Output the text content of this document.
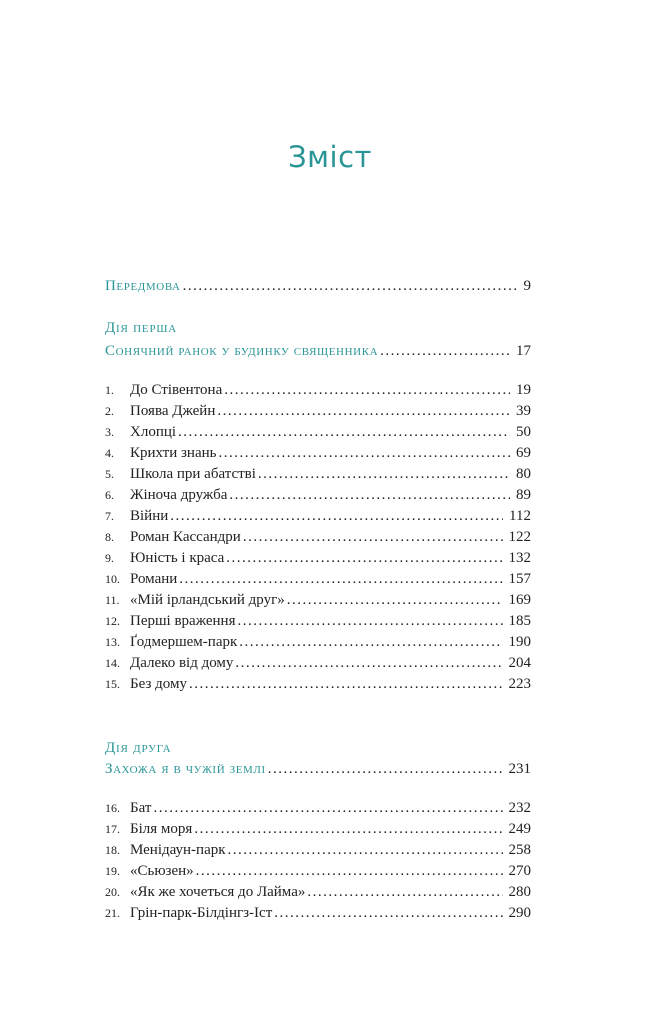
Зміст
Передмова .....	9
Дія перша
Сонячний ранок у будинку священника .....	17
1.	До Стівентона .....	19
2.	Поява Джейн .....	39
3.	Хлопці .....	50
4.	Крихти знань .....	69
5.	Школа при абатстві .....	80
6.	Жіноча дружба .....	89
7.	Війни .....	112
8.	Роман Кассандри .....	122
9.	Юність і краса .....	132
10. Романи .....	157
11. «Мій ірландський друг» .....	169
12. Перші враження .....	185
13. Ґодмершем-парк .....	190
14. Далеко від дому .....	204
15. Без дому .....	223
Дія друга
Захожа я в чужій землі .....	231
16. Бат .....	232
17. Біля моря .....	249
18. Менідаун-парк .....	258
19. «Сьюзен» .....	270
20. «Як же хочеться до Лайма» .....	280
21. Грін-парк-Білдінгз-Іст .....	290
